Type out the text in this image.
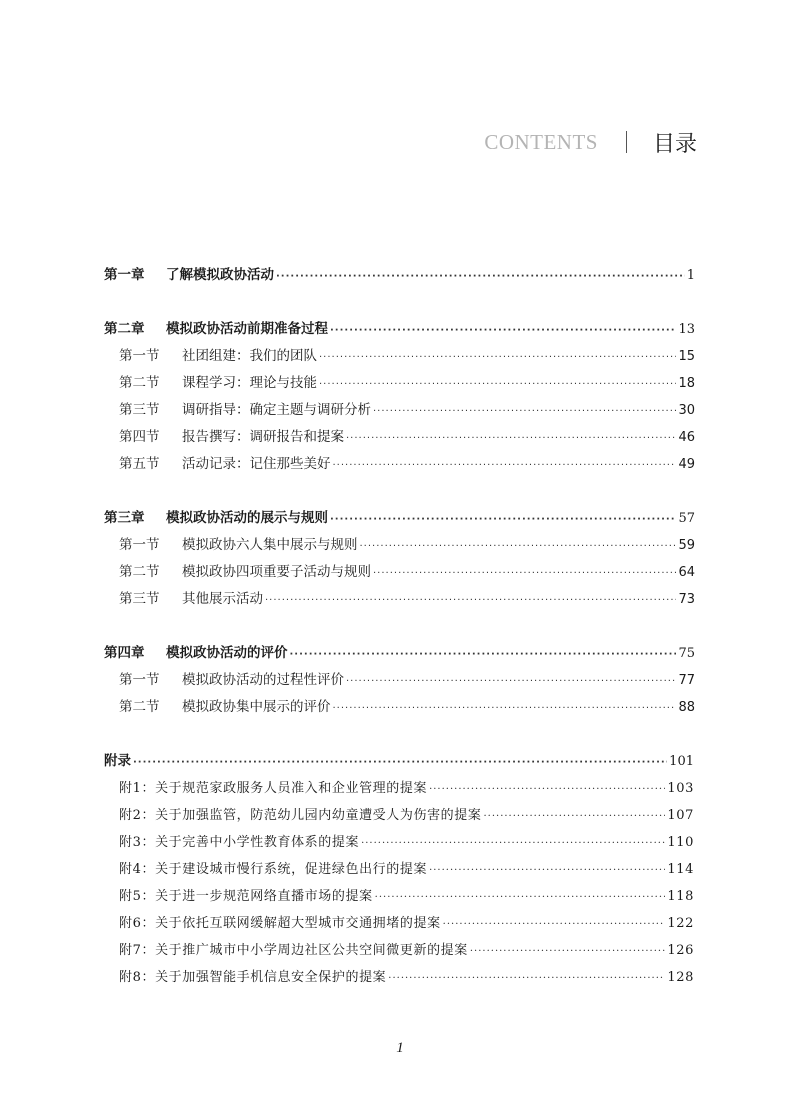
CONTENTS	目录
第一章	了解模拟政协活动 ·····	1
第二章	模拟政协活动前期准备过程 ·····	13
第一节	社团组建：我们的团队 ·····	15
第二节	课程学习：理论与技能 ·····	18
第三节	调研指导：确定主题与调研分析 ·····	30
第四节	报告撰写：调研报告和提案 ·····	46
第五节	活动记录：记住那些美好 ·····	49
第三章	模拟政协活动的展示与规则 ·····	57
第一节	模拟政协六人集中展示与规则 ·····	59
第二节	模拟政协四项重要子活动与规则 ·····	64
第三节	其他展示活动 ·····	73
第四章	模拟政协活动的评价 ·····	75
第一节	模拟政协活动的过程性评价 ·····	77
第二节	模拟政协集中展示的评价 ·····	88
附录 ·····	101
附1：关于规范家政服务人员准入和企业管理的提案 ·····	103
附2：关于加强监管，防范幼儿园内幼童遭受人为伤害的提案 ·····	107
附3：关于完善中小学性教育体系的提案 ·····	110
附4：关于建设城市慢行系统，促进绿色出行的提案 ·····	114
附5：关于进一步规范网络直播市场的提案 ·····	118
附6：关于依托互联网缓解超大型城市交通拥堵的提案 ·····	122
附7：关于推广城市中小学周边社区公共空间微更新的提案 ·····	126
附8：关于加强智能手机信息安全保护的提案 ·····	128
1
